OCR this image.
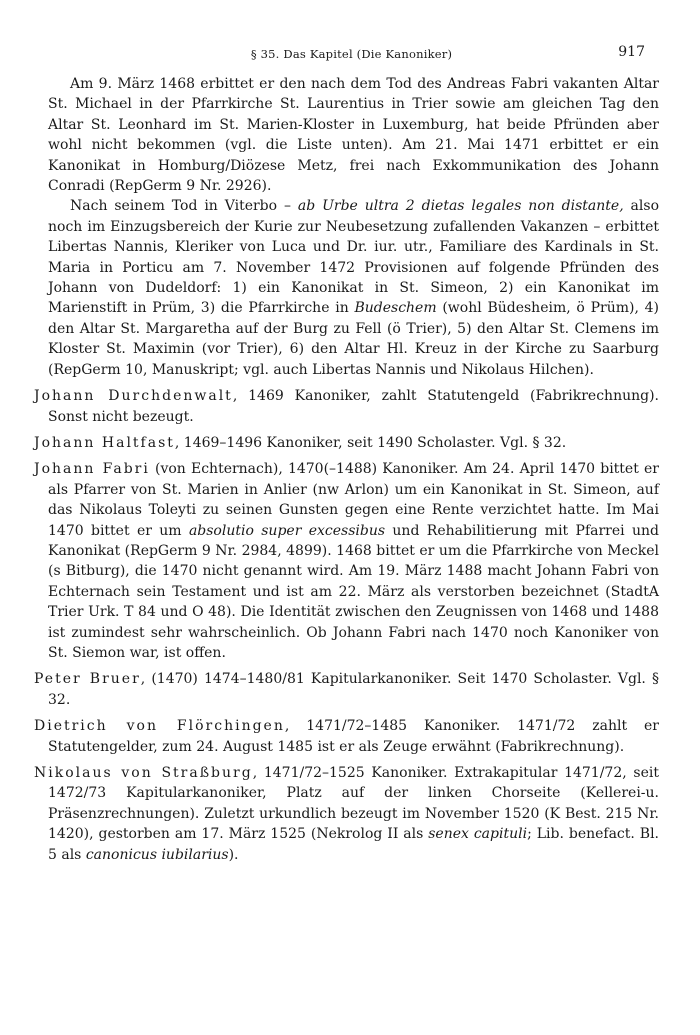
§ 35. Das Kapitel (Die Kanoniker)	917

Am 9. März 1468 erbittet er den nach dem Tod des Andreas Fabri vakanten Altar St. Michael in der Pfarrkirche St. Laurentius in Trier sowie am gleichen Tag den Altar St. Leonhard im St. Marien-Kloster in Luxemburg, hat beide Pfründen aber wohl nicht bekommen (vgl. die Liste unten). Am 21. Mai 1471 erbittet er ein Kanonikat in Homburg/Diözese Metz, frei nach Exkommunikation des Johann Conradi (RepGerm 9 Nr. 2926).

Nach seinem Tod in Viterbo – ab Urbe ultra 2 dietas legales non distante, also noch im Einzugsbereich der Kurie zur Neubesetzung zufallenden Vakanzen – erbittet Libertas Nannis, Kleriker von Luca und Dr. iur. utr., Familiare des Kardinals in St. Maria in Porticu am 7. November 1472 Provisionen auf folgende Pfründen des Johann von Dudeldorf: 1) ein Kanonikat in St. Simeon, 2) ein Kanonikat im Marienstift in Prüm, 3) die Pfarrkirche in Budeschem (wohl Büdesheim, ö Prüm), 4) den Altar St. Margaretha auf der Burg zu Fell (ö Trier), 5) den Altar St. Clemens im Kloster St. Maximin (vor Trier), 6) den Altar Hl. Kreuz in der Kirche zu Saarburg (RepGerm 10, Manuskript; vgl. auch Libertas Nannis und Nikolaus Hilchen).

Johann Durchdenwalt, 1469 Kanoniker, zahlt Statutengeld (Fabrikrechnung). Sonst nicht bezeugt.

Johann Haltfast, 1469–1496 Kanoniker, seit 1490 Scholaster. Vgl. § 32.

Johann Fabri (von Echternach), 1470(–1488) Kanoniker. Am 24. April 1470 bittet er als Pfarrer von St. Marien in Anlier (nw Arlon) um ein Kanonikat in St. Simeon, auf das Nikolaus Toleyti zu seinen Gunsten gegen eine Rente verzichtet hatte. Im Mai 1470 bittet er um absolutio super excessibus und Rehabilitierung mit Pfarrei und Kanonikat (RepGerm 9 Nr. 2984, 4899). 1468 bittet er um die Pfarrkirche von Meckel (s Bitburg), die 1470 nicht genannt wird. Am 19. März 1488 macht Johann Fabri von Echternach sein Testament und ist am 22. März als verstorben bezeichnet (StadtA Trier Urk. T 84 und O 48). Die Identität zwischen den Zeugnissen von 1468 und 1488 ist zumindest sehr wahrscheinlich. Ob Johann Fabri nach 1470 noch Kanoniker von St. Siemon war, ist offen.

Peter Bruer, (1470) 1474–1480/81 Kapitularkanoniker. Seit 1470 Scholaster. Vgl. § 32.

Dietrich von Flörchingen, 1471/72–1485 Kanoniker. 1471/72 zahlt er Statutengelder, zum 24. August 1485 ist er als Zeuge erwähnt (Fabrikrechnung).

Nikolaus von Straßburg, 1471/72–1525 Kanoniker. Extrakapitular 1471/72, seit 1472/73 Kapitularkanoniker, Platz auf der linken Chorseite (Kellerei-u. Präsenzrechnungen). Zuletzt urkundlich bezeugt im November 1520 (K Best. 215 Nr. 1420), gestorben am 17. März 1525 (Nekrolog II als senex capituli; Lib. benefact. Bl. 5 als canonicus iubilarius).
